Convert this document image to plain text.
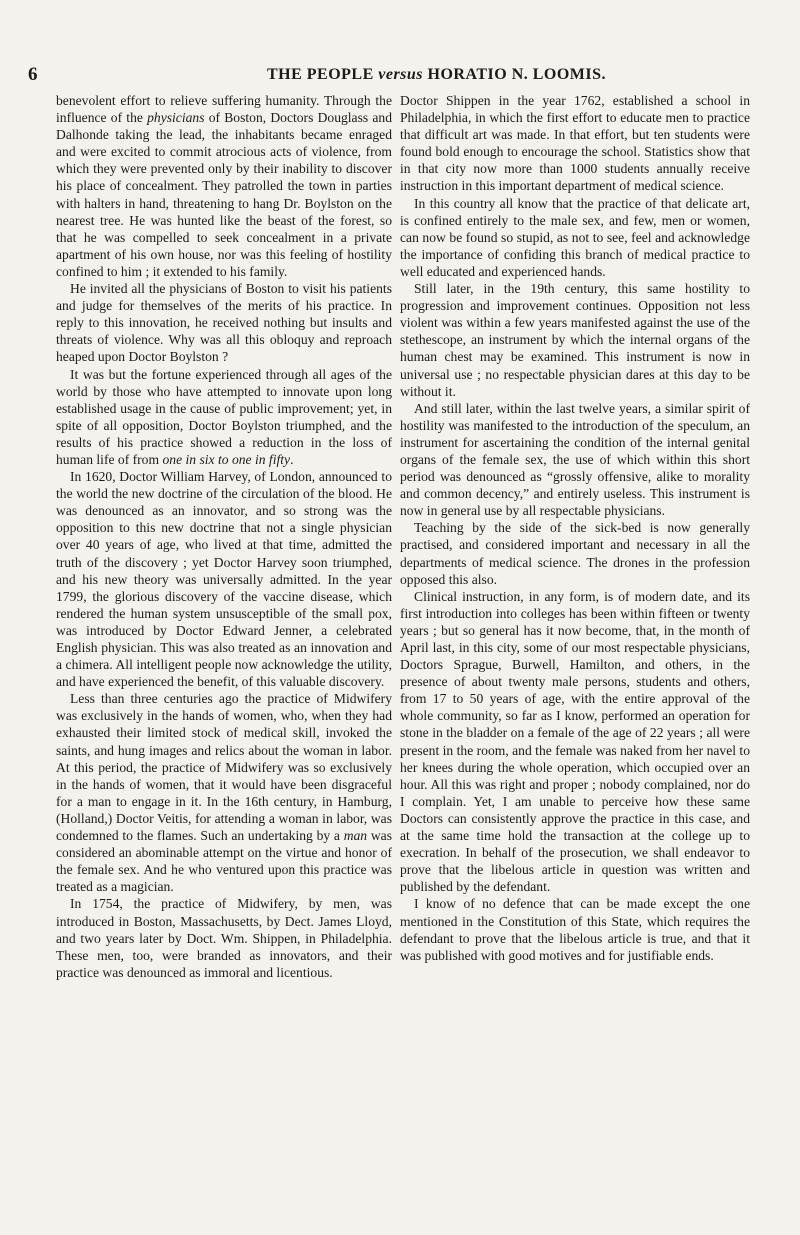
6	THE PEOPLE versus HORATIO N. LOOMIS.

benevolent effort to relieve suffering humanity. Through the influence of the physicians of Boston, Doctors Douglass and Dalhonde taking the lead, the inhabitants became enraged and were excited to commit atrocious acts of violence, from which they were prevented only by their inability to discover his place of concealment. They patrolled the town in parties with halters in hand, threatening to hang Dr. Boylston on the nearest tree. He was hunted like the beast of the forest, so that he was compelled to seek concealment in a private apartment of his own house, nor was this feeling of hostility confined to him ; it extended to his family.

He invited all the physicians of Boston to visit his patients and judge for themselves of the merits of his practice. In reply to this innovation, he received nothing but insults and threats of violence. Why was all this obloquy and reproach heaped upon Doctor Boylston ?

It was but the fortune experienced through all ages of the world by those who have attempted to innovate upon long established usage in the cause of public improvement; yet, in spite of all opposition, Doctor Boylston triumphed, and the results of his practice showed a reduction in the loss of human life of from one in six to one in fifty.

In 1620, Doctor William Harvey, of London, announced to the world the new doctrine of the circulation of the blood. He was denounced as an innovator, and so strong was the opposition to this new doctrine that not a single physician over 40 years of age, who lived at that time, admitted the truth of the discovery ; yet Doctor Harvey soon triumphed, and his new theory was universally admitted. In the year 1799, the glorious discovery of the vaccine disease, which rendered the human system unsusceptible of the small pox, was introduced by Doctor Edward Jenner, a celebrated English physician. This was also treated as an innovation and a chimera. All intelligent people now acknowledge the utility, and have experienced the benefit, of this valuable discovery.

Less than three centuries ago the practice of Midwifery was exclusively in the hands of women, who, when they had exhausted their limited stock of medical skill, invoked the saints, and hung images and relics about the woman in labor. At this period, the practice of Midwifery was so exclusively in the hands of women, that it would have been disgraceful for a man to engage in it. In the 16th century, in Hamburg, (Holland,) Doctor Veitis, for attending a woman in labor, was condemned to the flames. Such an undertaking by a man was considered an abominable attempt on the virtue and honor of the female sex. And he who ventured upon this practice was treated as a magician.

In 1754, the practice of Midwifery, by men, was introduced in Boston, Massachusetts, by Dect. James Lloyd, and two years later by Doct. Wm. Shippen, in Philadelphia. These men, too, were branded as innovators, and their practice was denounced as immoral and licentious.

Doctor Shippen in the year 1762, established a school in Philadelphia, in which the first effort to educate men to practice that difficult art was made. In that effort, but ten students were found bold enough to encourage the school. Statistics show that in that city now more than 1000 students annually receive instruction in this important department of medical science.

In this country all know that the practice of that delicate art, is confined entirely to the male sex, and few, men or women, can now be found so stupid, as not to see, feel and acknowledge the importance of confiding this branch of medical practice to well educated and experienced hands.

Still later, in the 19th century, this same hostility to progression and improvement continues. Opposition not less violent was within a few years manifested against the use of the stethescope, an instrument by which the internal organs of the human chest may be examined. This instrument is now in universal use ; no respectable physician dares at this day to be without it.

And still later, within the last twelve years, a similar spirit of hostility was manifested to the introduction of the speculum, an instrument for ascertaining the condition of the internal genital organs of the female sex, the use of which within this short period was denounced as “grossly offensive, alike to morality and common decency,” and entirely useless. This instrument is now in general use by all respectable physicians.

Teaching by the side of the sick-bed is now generally practised, and considered important and necessary in all the departments of medical science. The drones in the profession opposed this also.

Clinical instruction, in any form, is of modern date, and its first introduction into colleges has been within fifteen or twenty years ; but so general has it now become, that, in the month of April last, in this city, some of our most respectable physicians, Doctors Sprague, Burwell, Hamilton, and others, in the presence of about twenty male persons, students and others, from 17 to 50 years of age, with the entire approval of the whole community, so far as I know, performed an operation for stone in the bladder on a female of the age of 22 years ; all were present in the room, and the female was naked from her navel to her knees during the whole operation, which occupied over an hour. All this was right and proper ; nobody complained, nor do I complain. Yet, I am unable to perceive how these same Doctors can consistently approve the practice in this case, and at the same time hold the transaction at the college up to execration. In behalf of the prosecution, we shall endeavor to prove that the libelous article in question was written and published by the defendant.

I know of no defence that can be made except the one mentioned in the Constitution of this State, which requires the defendant to prove that the libelous article is true, and that it was published with good motives and for justifiable ends.
